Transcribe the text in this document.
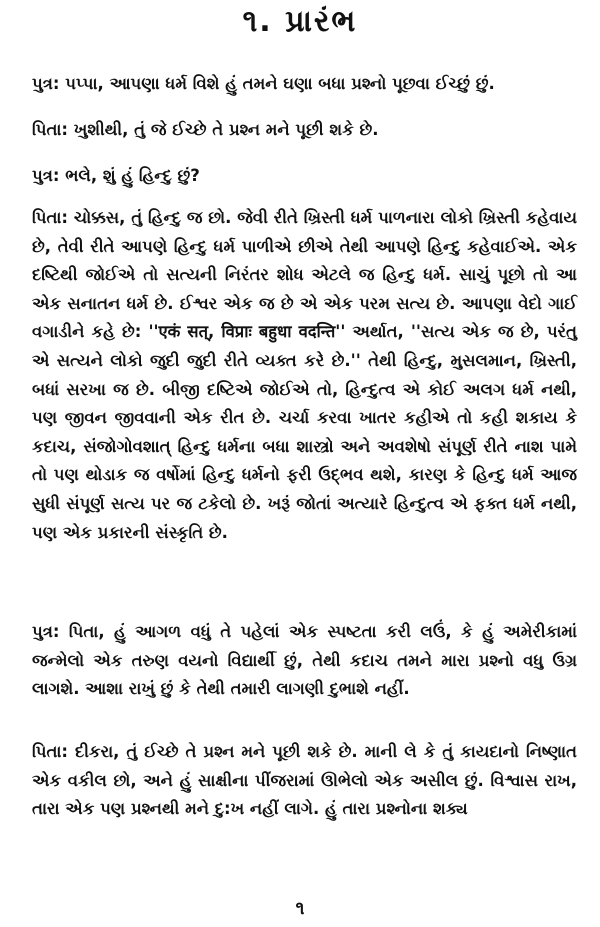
૧. પ્રારંભ

પુત્ર: પપ્પા, આપણા ધર્મ વિશે હું તમને ઘણા બધા પ્રશ્નો પૂછવા ઈચ્છું છું.

પિતા: ખુશીથી, તું જે ઈચ્છે તે પ્રશ્ન મને પૂછી શકે છે.

પુત્ર: ભલે, શું હું હિન્દુ છું?

પિતા: ચોક્કસ, તું હિન્દુ જ છો. જેવી રીતે ખ્રિસ્તી ધર્મ પાળનારા લોકો ખ્રિસ્તી કહેવાય છે, તેવી રીતે આપણે હિન્દુ ધર્મ પાળીએ છીએ તેથી આપણે હિન્દુ કહેવાઈએ. એક દષ્ટિથી જોઈએ તો સત્યની નિરંતર શોધ એટલે જ હિન્દુ ધર્મ. સાચું પૂછો તો આ એક સનાતન ધર્મ છે. ઈશ્વર એક જ છે એ એક પરમ સત્ય છે. આપણા વેદો ગાઈ વગાડીને કહે છે: ''एकं सत्, विप्राः बहुधा वदन्ति'' અર્થાત, ''સત્ય એક જ છે, પરંતુ એ સત્યને લોકો જુદી જુદી રીતે વ્યક્ત કરે છે.'' તેથી હિન્દુ, મુસલમાન, ખ્રિસ્તી, બધાં સરખા જ છે. બીજી દષ્ટિએ જોઈએ તો, હિન્દુત્વ એ કોઈ અલગ ધર્મ નથી, પણ જીવન જીવવાની એક રીત છે. ચર્ચા કરવા ખાતર કહીએ તો કહી શકાય કે કદાચ, સંજોગોવશાત્ હિન્દુ ધર્મના બધા શાસ્ત્રો અને અવશેષો સંપૂર્ણ રીતે નાશ પામે તો પણ થોડાક જ વર્ષોમાં હિન્દુ ધર્મનો ફરી ઉદ્ભવ થશે, કારણ કે હિન્દુ ધર્મ આજ સુધી સંપૂર્ણ સત્ય પર જ ટકેલો છે. ખરૂં જોતાં અત્યારે હિન્દુત્વ એ ફક્ત ધર્મ નથી, પણ એક પ્રકારની સંસ્કૃતિ છે.

પુત્ર: પિતા, હું આગળ વધું તે પહેલાં એક સ્પષ્ટતા કરી લઉં, કે હું અમેરીકામાં જન્મેલો એક તરુણ વયનો વિદ્યાર્થી છું, તેથી કદાચ તમને મારા પ્રશ્નો વધુ ઉગ્ર લાગશે. આશા રાખું છું કે તેથી તમારી લાગણી દુભાશે નહીં.

પિતા: દીકરા, તું ઈચ્છે તે પ્રશ્ન મને પૂછી શકે છે. માની લે કે તું કાયદાનો નિષ્ણાત એક વકીલ છો, અને હું સાક્ષીના પીંજરામાં ઊભેલો એક અસીલ છું. વિશ્વાસ રાખ, તારા એક પણ પ્રશ્નથી મને દુ:ખ નહીં લાગે. હું તારા પ્રશ્નોના શક્ય

૧
